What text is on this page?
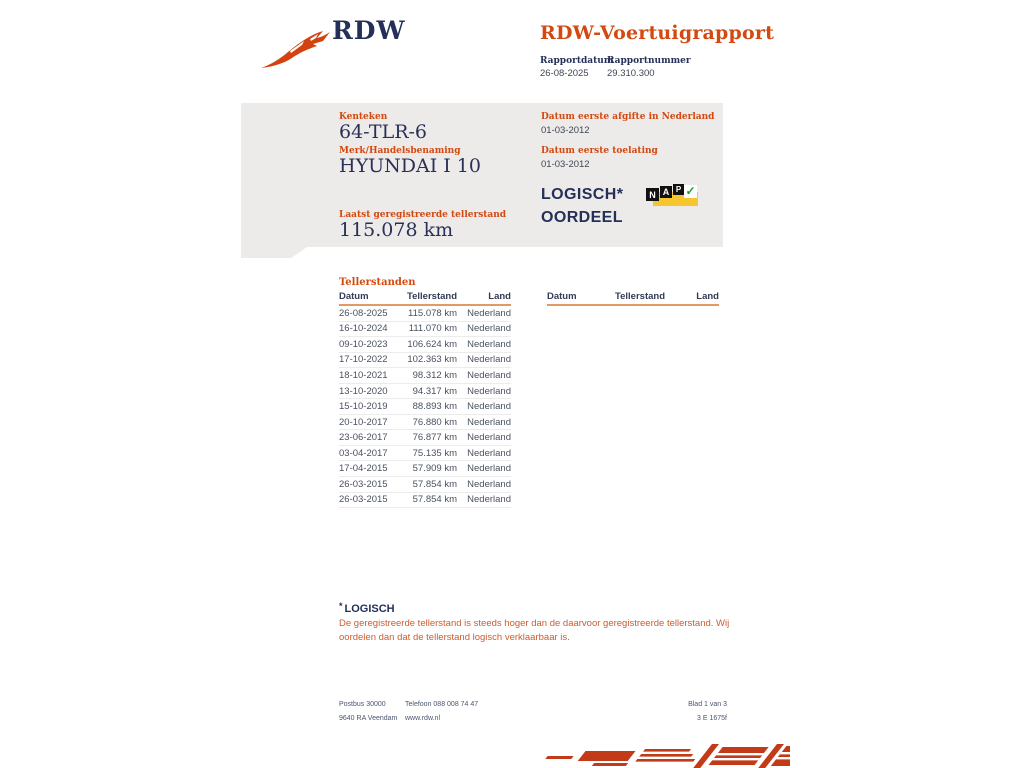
RDW	RDW-Voertuigrapport
Rapportdatum
26-08-2025
Rapportnummer
29.310.300
Kenteken
64-TLR-6
Merk/Handelsbenaming
HYUNDAI I 10
Laatst geregistreerde tellerstand
115.078 km
Datum eerste afgifte in Nederland
01-03-2012
Datum eerste toelating
01-03-2012
LOGISCH*
OORDEEL
N A P ✓
Tellerstanden
Datum	Tellerstand	Land
26-08-2025	115.078 km	Nederland
16-10-2024	111.070 km	Nederland
09-10-2023	106.624 km	Nederland
17-10-2022	102.363 km	Nederland
18-10-2021	98.312 km	Nederland
13-10-2020	94.317 km	Nederland
15-10-2019	88.893 km	Nederland
20-10-2017	76.880 km	Nederland
23-06-2017	76.877 km	Nederland
03-04-2017	75.135 km	Nederland
17-04-2015	57.909 km	Nederland
26-03-2015	57.854 km	Nederland
26-03-2015	57.854 km	Nederland
Datum	Tellerstand	Land
* LOGISCH
De geregistreerde tellerstand is steeds hoger dan de daarvoor geregistreerde tellerstand. Wij oordelen dan dat de tellerstand logisch verklaarbaar is.
Postbus 30000
9640 RA Veendam
Telefoon 088 008 74 47
www.rdw.nl
Blad 1 van 3
3 E 1675f
